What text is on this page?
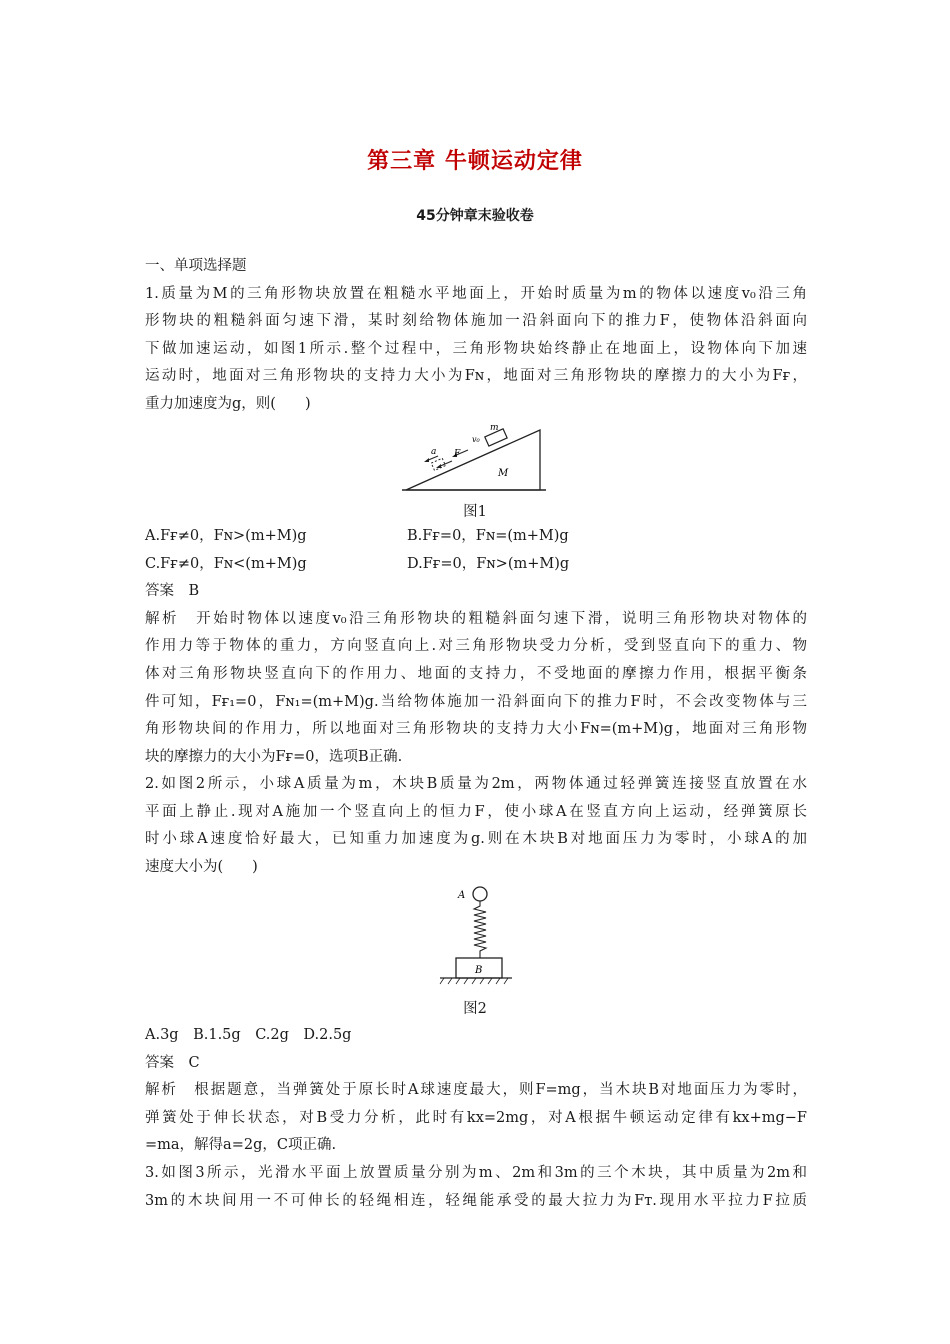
第三章 牛顿运动定律
45分钟章末验收卷

一、单项选择题

1.质量为M的三角形物块放置在粗糙水平地面上，开始时质量为m的物体以速度v₀沿三角

形物块的粗糙斜面匀速下滑，某时刻给物体施加一沿斜面向下的推力F，使物体沿斜面向

下做加速运动，如图1所示.整个过程中，三角形物块始终静止在地面上，设物体向下加速

运动时，地面对三角形物块的支持力大小为Fɴ，地面对三角形物块的摩擦力的大小为Fғ，

重力加速度为g，则(　　)

m
v₀
a F
M
图1
A.Fғ≠0，Fɴ>(m+M)g	B.Fғ=0，Fɴ=(m+M)g
C.Fғ≠0，Fɴ<(m+M)g	D.Fғ=0，Fɴ>(m+M)g

答案　B

解析　开始时物体以速度v₀沿三角形物块的粗糙斜面匀速下滑，说明三角形物块对物体的

作用力等于物体的重力，方向竖直向上.对三角形物块受力分析，受到竖直向下的重力、物

体对三角形物块竖直向下的作用力、地面的支持力，不受地面的摩擦力作用，根据平衡条

件可知，Fғ₁=0，Fɴ₁=(m+M)g.当给物体施加一沿斜面向下的推力F时，不会改变物体与三

角形物块间的作用力，所以地面对三角形物块的支持力大小Fɴ=(m+M)g，地面对三角形物

块的摩擦力的大小为Fғ=0，选项B正确.

2.如图2所示，小球A质量为m，木块B质量为2m，两物体通过轻弹簧连接竖直放置在水

平面上静止.现对A施加一个竖直向上的恒力F，使小球A在竖直方向上运动，经弹簧原长

时小球A速度恰好最大，已知重力加速度为g.则在木块B对地面压力为零时，小球A的加

速度大小为(　　)

A
B
图2

A.3g　B.1.5g　C.2g　D.2.5g

答案　C

解析　根据题意，当弹簧处于原长时A球速度最大，则F=mg，当木块B对地面压力为零时，

弹簧处于伸长状态，对B受力分析，此时有kx=2mg，对A根据牛顿运动定律有kx+mg−F

=ma，解得a=2g，C项正确.

3.如图3所示，光滑水平面上放置质量分别为m、2m和3m的三个木块，其中质量为2m和

3m的木块间用一不可伸长的轻绳相连，轻绳能承受的最大拉力为Fт.现用水平拉力F拉质
